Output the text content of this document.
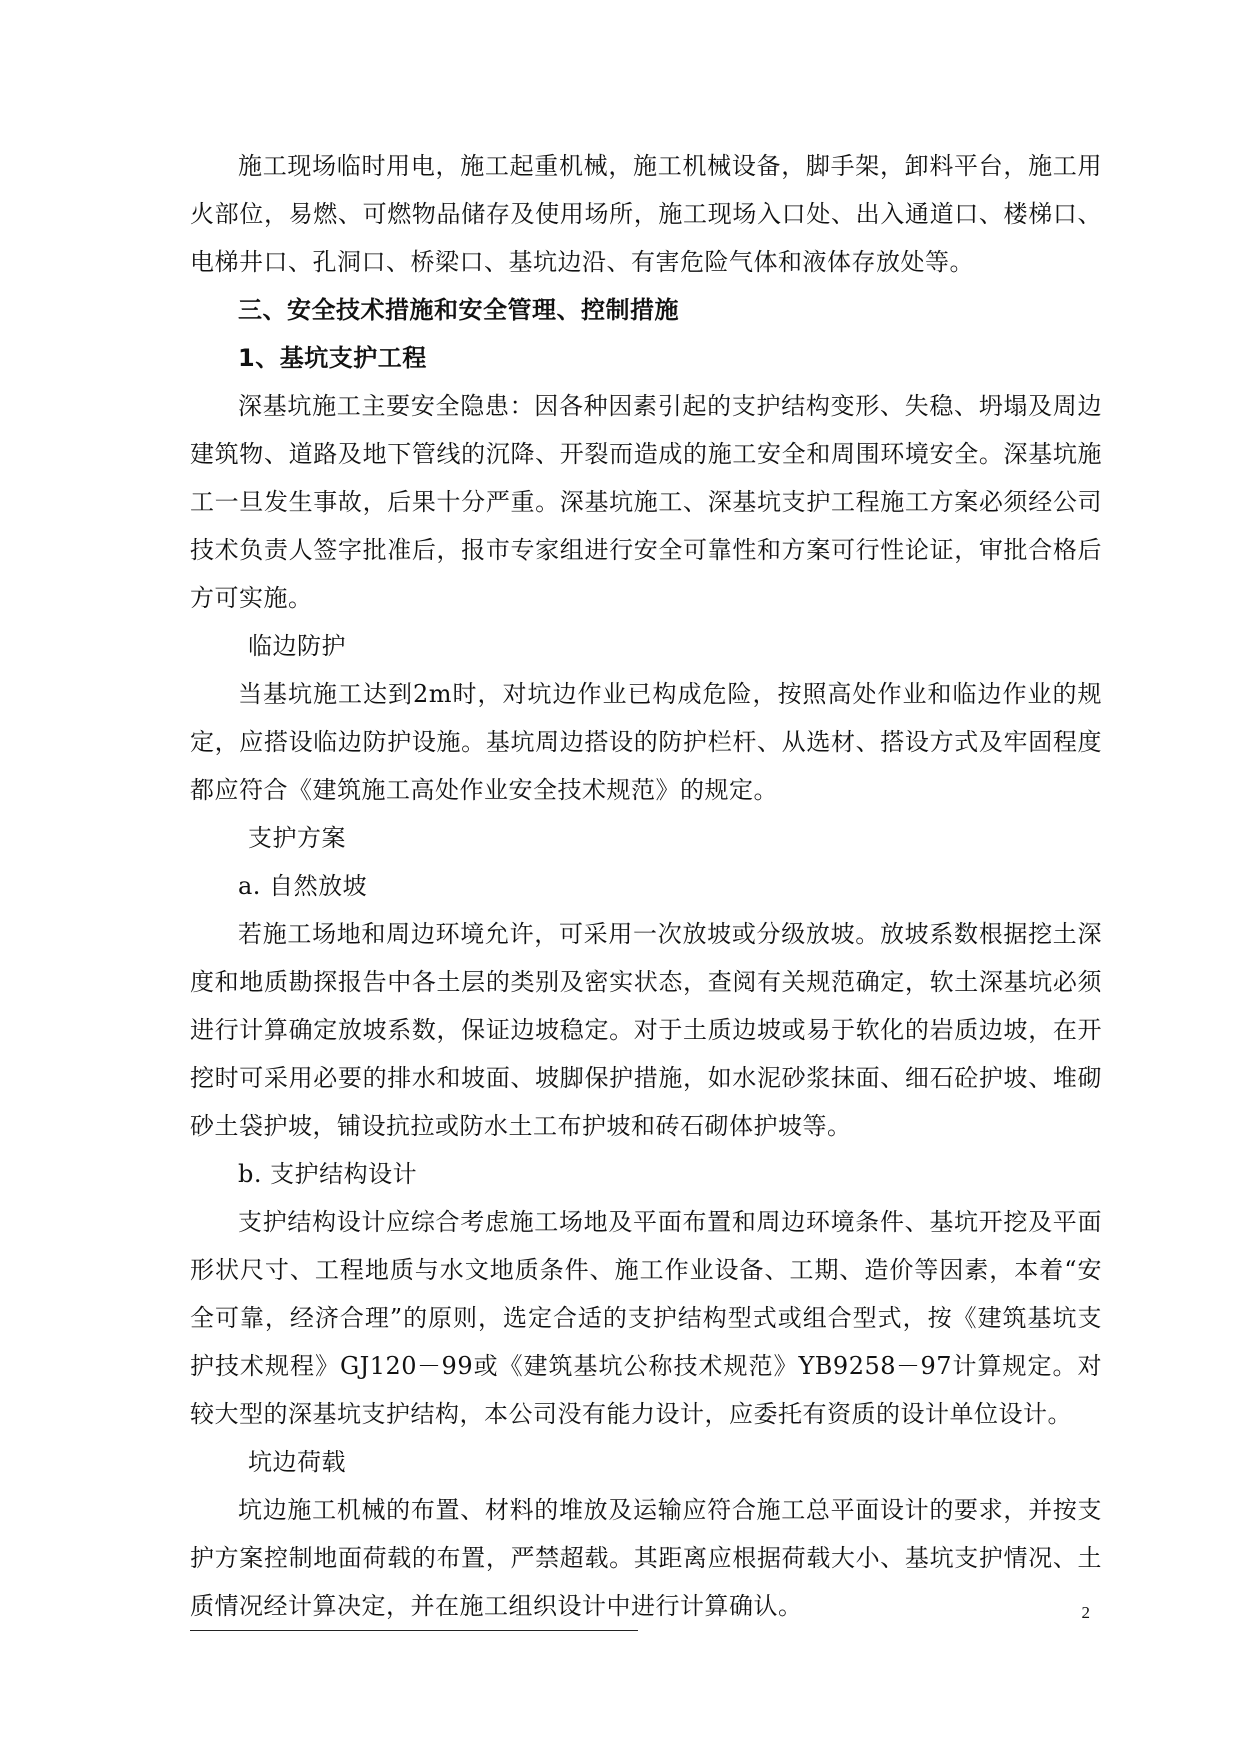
施工现场临时用电，施工起重机械，施工机械设备，脚手架，卸料平台，施工用火部位，易燃、可燃物品储存及使用场所，施工现场入口处、出入通道口、楼梯口、电梯井口、孔洞口、桥梁口、基坑边沿、有害危险气体和液体存放处等。

三、安全技术措施和安全管理、控制措施

1、基坑支护工程

深基坑施工主要安全隐患：因各种因素引起的支护结构变形、失稳、坍塌及周边建筑物、道路及地下管线的沉降、开裂而造成的施工安全和周围环境安全。深基坑施工一旦发生事故，后果十分严重。深基坑施工、深基坑支护工程施工方案必须经公司技术负责人签字批准后，报市专家组进行安全可靠性和方案可行性论证，审批合格后方可实施。

临边防护

当基坑施工达到2m时，对坑边作业已构成危险，按照高处作业和临边作业的规定，应搭设临边防护设施。基坑周边搭设的防护栏杆、从选材、搭设方式及牢固程度都应符合《建筑施工高处作业安全技术规范》的规定。

支护方案

a. 自然放坡

若施工场地和周边环境允许，可采用一次放坡或分级放坡。放坡系数根据挖土深度和地质勘探报告中各土层的类别及密实状态，查阅有关规范确定，软土深基坑必须进行计算确定放坡系数，保证边坡稳定。对于土质边坡或易于软化的岩质边坡，在开挖时可采用必要的排水和坡面、坡脚保护措施，如水泥砂浆抹面、细石砼护坡、堆砌砂土袋护坡，铺设抗拉或防水土工布护坡和砖石砌体护坡等。

b. 支护结构设计

支护结构设计应综合考虑施工场地及平面布置和周边环境条件、基坑开挖及平面形状尺寸、工程地质与水文地质条件、施工作业设备、工期、造价等因素，本着“安全可靠，经济合理”的原则，选定合适的支护结构型式或组合型式，按《建筑基坑支护技术规程》GJ120－99或《建筑基坑公称技术规范》YB9258－97计算规定。对较大型的深基坑支护结构，本公司没有能力设计，应委托有资质的设计单位设计。

坑边荷载

坑边施工机械的布置、材料的堆放及运输应符合施工总平面设计的要求，并按支护方案控制地面荷载的布置，严禁超载。其距离应根据荷载大小、基坑支护情况、土质情况经计算决定，并在施工组织设计中进行计算确认。	2
